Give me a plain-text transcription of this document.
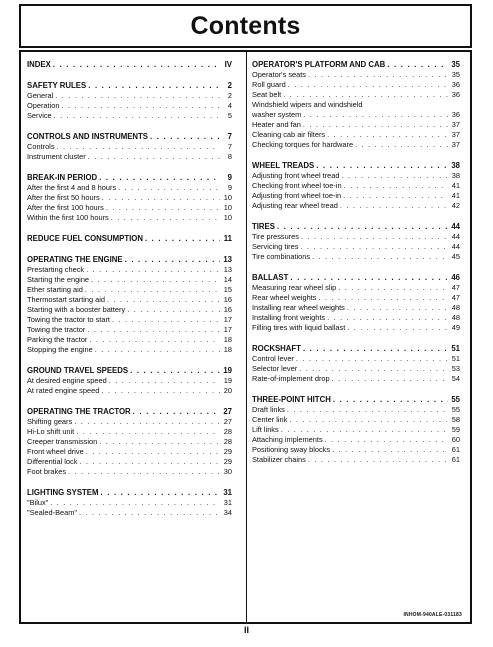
Contents
INDEX . . .	IV
SAFETY RULES . . .	2
General . . .	2
Operation . . .	4
Service . . .	5
CONTROLS AND INSTRUMENTS . . .	7
Controls . . .	7
Instrument cluster . . .	8
BREAK-IN PERIOD . . .	9
After the first 4 and 8 hours . . .	9
After the first 50 hours . . .	10
After the first 100 hours . . .	10
Within the first 100 hours . . .	10
REDUCE FUEL CONSUMPTION . . .	11
OPERATING THE ENGINE . . .	13
Prestarting check . . .	13
Starting the engine . . .	14
Ether starting aid . . .	15
Thermostart starting aid . . .	16
Starting with a booster battery . . .	16
Towing the tractor to start . . .	17
Towing the tractor . . .	17
Parking the tractor . . .	18
Stopping the engine . . .	18
GROUND TRAVEL SPEEDS . . .	19
At desired engine speed . . .	19
At rated engine speed . . .	20
OPERATING THE TRACTOR . . .	27
Shifting gears . . .	27
Hi-Lo shift unit . . .	28
Creeper transmission . . .	28
Front wheel drive . . .	29
Differential lock . . .	29
Foot brakes . . .	30
LIGHTING SYSTEM . . .	31
"Bilux" . . .	31
"Sealed-Beam" . . .	34
OPERATOR'S PLATFORM AND CAB . . .	35
Operator's seats . . .	35
Roll guard . . .	36
Seat belt . . .	36
Windshield wipers and windshield
washer system . . .	36
Heater and fan . . .	37
Cleaning cab air filters . . .	37
Checking torques for hardware . . .	37
WHEEL TREADS . . .	38
Adjusting front wheel tread . . .	38
Checking front wheel toe-in . . .	41
Adjusting front wheel toe-in . . .	41
Adjusting rear wheel tread . . .	42
TIRES . . .	44
Tire pressures . . .	44
Servicing tires . . .	44
Tire combinations . . .	45
BALLAST . . .	46
Measuring rear wheel slip . . .	47
Rear wheel weights . . .	47
Installing rear wheel weights . . .	48
Installing front weights . . .	48
Filling tires with liquid ballast . . .	49
ROCKSHAFT . . .	51
Control lever . . .	51
Selector lever . . .	53
Rate-of-implement drop . . .	54
THREE-POINT HITCH . . .	55
Draft links . . .	55
Center link . . .	58
Lift links . . .	59
Attaching implements . . .	60
Positioning sway blocks . . .	61
Stabilizer chains . . .	61
INHOM-940ALE-031183
II
